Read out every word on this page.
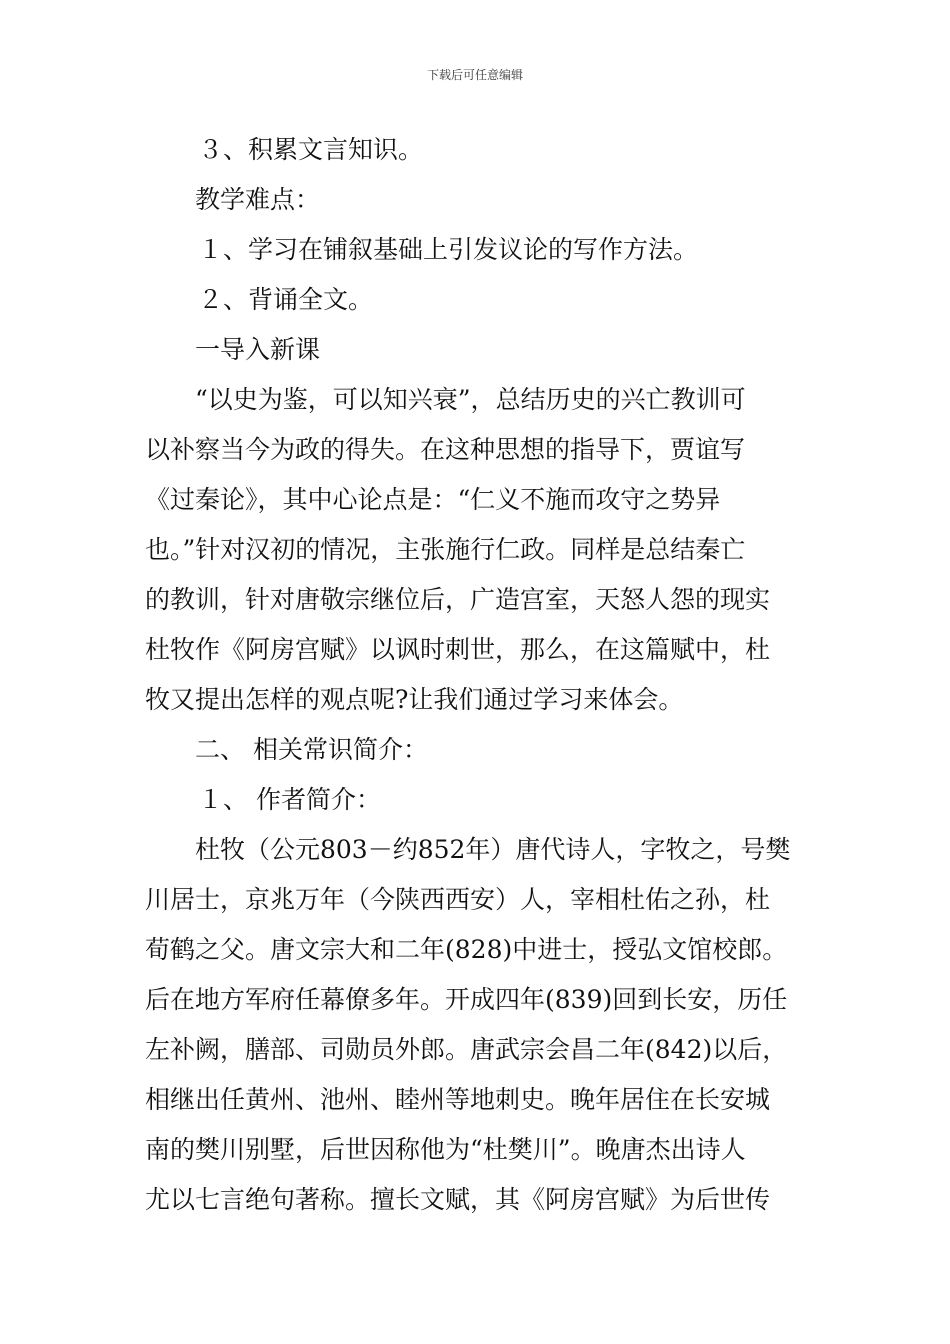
下载后可任意编辑
３、积累文言知识。
教学难点：
１、学习在铺叙基础上引发议论的写作方法。
２、背诵全文。
一导入新课
“以史为鉴，可以知兴衰”，总结历史的兴亡教训可
以补察当今为政的得失。在这种思想的指导下，贾谊写
《过秦论》，其中心论点是：“仁义不施而攻守之势异
也。”针对汉初的情况，主张施行仁政。同样是总结秦亡
的教训，针对唐敬宗继位后，广造宫室，天怒人怨的现实
杜牧作《阿房宫赋》以讽时刺世，那么，在这篇赋中，杜
牧又提出怎样的观点呢?让我们通过学习来体会。
二、 相关常识简介：
１、 作者简介：
杜牧（公元803－约852年）唐代诗人，字牧之，号樊
川居士，京兆万年（今陕西西安）人，宰相杜佑之孙，杜
荀鹤之父。唐文宗大和二年(828)中进士，授弘文馆校郎。
后在地方军府任幕僚多年。开成四年(839)回到长安，历任
左补阙，膳部、司勋员外郎。唐武宗会昌二年(842)以后，
相继出任黄州、池州、睦州等地刺史。晚年居住在长安城
南的樊川别墅，后世因称他为“杜樊川”。晚唐杰出诗人
尤以七言绝句著称。擅长文赋，其《阿房宫赋》为后世传
